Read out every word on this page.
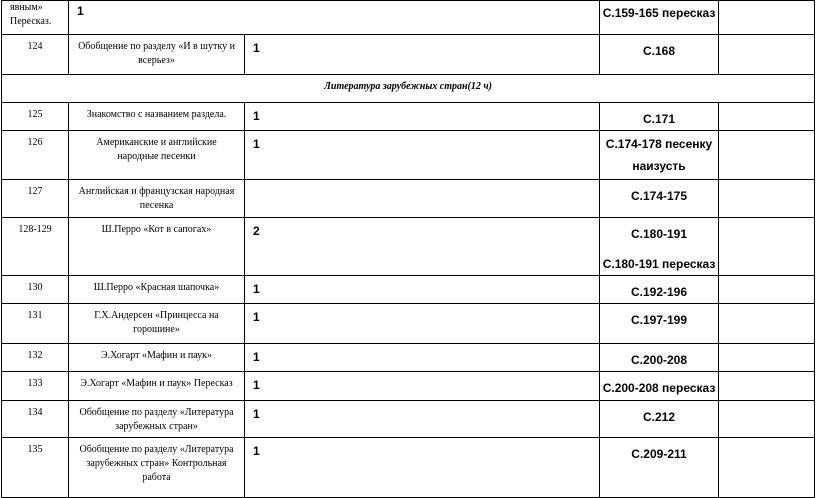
явным»
Пересказ.	1		С.159-165 пересказ	
124	Обобщение по разделу «И в шутку и
всерьез»	1	С.168	

Литература зарубежных стран(12 ч)				
125	Знакомство с названием раздела.	1	С.171	

126	Американские и английские
народные песенки	1	С.174-178 песенку
наизусть	

127	Английская и французская народная
песенка		С.174-175	

128-129	Ш.Перро «Кот в сапогах»	2	С.180-191
С.180-191 пересказ	

130	Ш.Перро «Красная шапочка»	1	С.192-196	

131	Г.Х.Андерсен «Принцесса на
горошине»	1	С.197-199	

132	Э.Хогарт «Мафин и паук»	1	С.200-208	

133	Э.Хогарт «Мафин и паук» Пересказ	1	С.200-208 пересказ	

134	Обобщение по разделу «Литература
зарубежных стран»	1	С.212	

135	Обобщение по разделу «Литература
зарубежных стран» Контрольная
работа	1	С.209-211	
